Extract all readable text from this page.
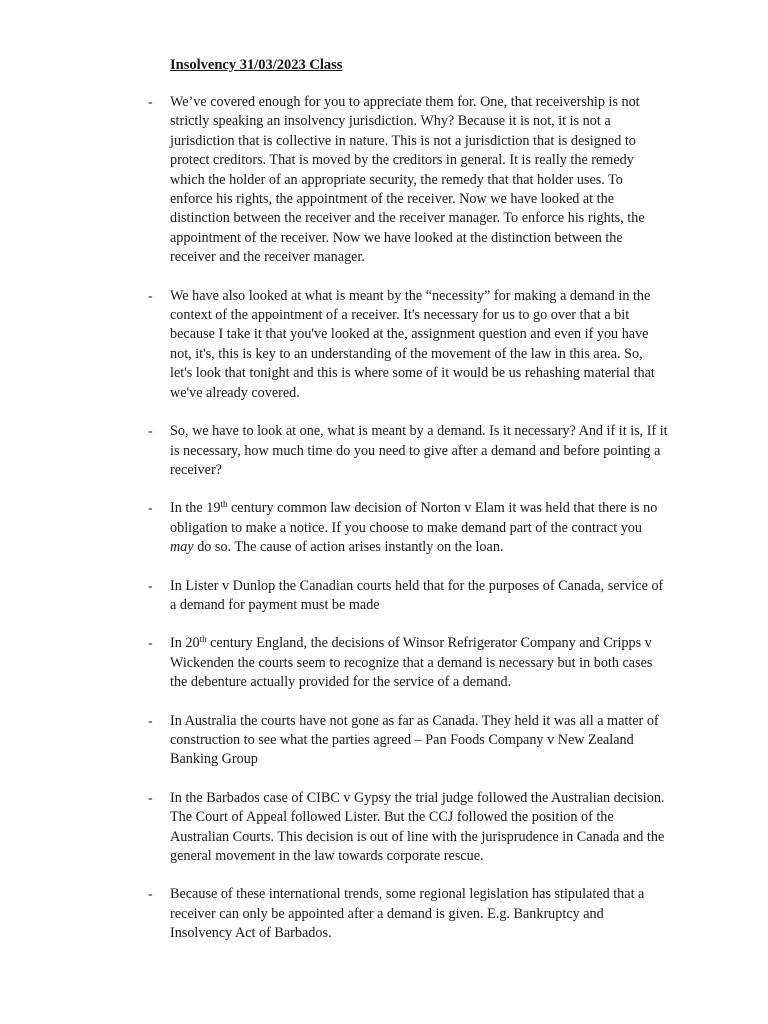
Insolvency 31/03/2023 Class
- We’ve covered enough for you to appreciate them for. One, that receivership is not strictly speaking an insolvency jurisdiction. Why? Because it is not, it is not a jurisdiction that is collective in nature. This is not a jurisdiction that is designed to protect creditors. That is moved by the creditors in general. It is really the remedy which the holder of an appropriate security, the remedy that that holder uses. To enforce his rights, the appointment of the receiver. Now we have looked at the distinction between the receiver and the receiver manager. To enforce his rights, the appointment of the receiver. Now we have looked at the distinction between the receiver and the receiver manager.

- We have also looked at what is meant by the “necessity” for making a demand in the context of the appointment of a receiver. It's necessary for us to go over that a bit because I take it that you've looked at the, assignment question and even if you have not, it's, this is key to an understanding of the movement of the law in this area. So, let's look that tonight and this is where some of it would be us rehashing material that we've already covered.

- So, we have to look at one, what is meant by a demand. Is it necessary? And if it is, If it is necessary, how much time do you need to give after a demand and before pointing a receiver?

- In the 19th century common law decision of Norton v Elam it was held that there is no obligation to make a notice. If you choose to make demand part of the contract you may do so. The cause of action arises instantly on the loan.

- In Lister v Dunlop the Canadian courts held that for the purposes of Canada, service of a demand for payment must be made

- In 20th century England, the decisions of Winsor Refrigerator Company and Cripps v Wickenden the courts seem to recognize that a demand is necessary but in both cases the debenture actually provided for the service of a demand.

- In Australia the courts have not gone as far as Canada. They held it was all a matter of construction to see what the parties agreed – Pan Foods Company v New Zealand Banking Group

- In the Barbados case of CIBC v Gypsy the trial judge followed the Australian decision. The Court of Appeal followed Lister. But the CCJ followed the position of the Australian Courts. This decision is out of line with the jurisprudence in Canada and the general movement in the law towards corporate rescue.

- Because of these international trends, some regional legislation has stipulated that a receiver can only be appointed after a demand is given. E.g. Bankruptcy and Insolvency Act of Barbados.
